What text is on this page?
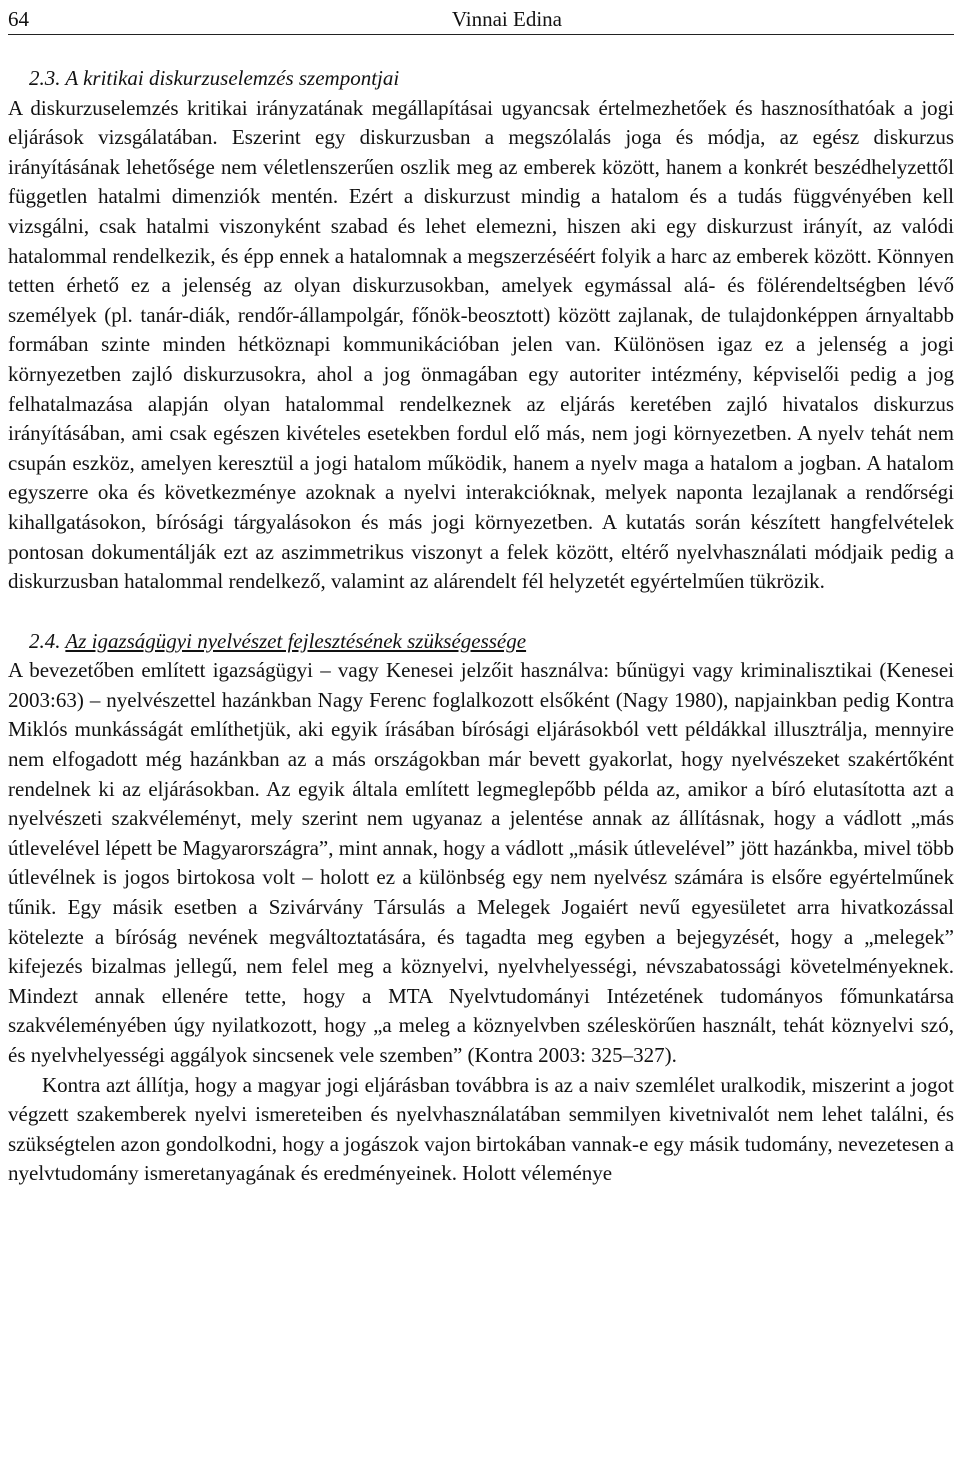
64	Vinnai Edina
2.3. A kritikai diskurzuselemzés szempontjai

A diskurzuselemzés kritikai irányzatának megállapításai ugyancsak értelmezhetőek és hasznosíthatóak a jogi eljárások vizsgálatában. Eszerint egy diskurzusban a megszólalás joga és módja, az egész diskurzus irányításának lehetősége nem véletlenszerűen oszlik meg az emberek között, hanem a konkrét beszédhelyzettől független hatalmi dimenziók mentén. Ezért a diskurzust mindig a hatalom és a tudás függvényében kell vizsgálni, csak hatalmi viszonyként szabad és lehet elemezni, hiszen aki egy diskurzust irányít, az valódi hatalommal rendelkezik, és épp ennek a hatalomnak a megszerzéséért folyik a harc az emberek között. Könnyen tetten érhető ez a jelenség az olyan diskurzusokban, amelyek egymással alá- és fölérendeltségben lévő személyek (pl. tanár-diák, rendőr-állampolgár, főnök-beosztott) között zajlanak, de tulajdonképpen árnyaltabb formában szinte minden hétköznapi kommunikációban jelen van. Különösen igaz ez a jelenség a jogi környezetben zajló diskurzusokra, ahol a jog önmagában egy autoriter intézmény, képviselői pedig a jog felhatalmazása alapján olyan hatalommal rendelkeznek az eljárás keretében zajló hivatalos diskurzus irányításában, ami csak egészen kivételes esetekben fordul elő más, nem jogi környezetben. A nyelv tehát nem csupán eszköz, amelyen keresztül a jogi hatalom működik, hanem a nyelv maga a hatalom a jogban. A hatalom egyszerre oka és következménye azoknak a nyelvi interakcióknak, melyek naponta lezajlanak a rendőrségi kihallgatásokon, bírósági tárgyalásokon és más jogi környezetben. A kutatás során készített hangfelvételek pontosan dokumentálják ezt az aszimmetrikus viszonyt a felek között, eltérő nyelvhasználati módjaik pedig a diskurzusban hatalommal rendelkező, valamint az alárendelt fél helyzetét egyértelműen tükrözik.

2.4. Az igazságügyi nyelvészet fejlesztésének szükségessége

A bevezetőben említett igazságügyi – vagy Kenesei jelzőit használva: bűnügyi vagy kriminalisztikai (Kenesei 2003:63) – nyelvészettel hazánkban Nagy Ferenc foglalkozott elsőként (Nagy 1980), napjainkban pedig Kontra Miklós munkásságát említhetjük, aki egyik írásában bírósági eljárásokból vett példákkal illusztrálja, mennyire nem elfogadott még hazánkban az a más országokban már bevett gyakorlat, hogy nyelvészeket szakértőként rendelnek ki az eljárásokban. Az egyik általa említett legmeglepőbb példa az, amikor a bíró elutasította azt a nyelvészeti szakvéleményt, mely szerint nem ugyanaz a jelentése annak az állításnak, hogy a vádlott „más útlevelével lépett be Magyarországra”, mint annak, hogy a vádlott „másik útlevelével” jött hazánkba, mivel több útlevélnek is jogos birtokosa volt – holott ez a különbség egy nem nyelvész számára is elsőre egyértelműnek tűnik. Egy másik esetben a Szivárvány Társulás a Melegek Jogaiért nevű egyesületet arra hivatkozással kötelezte a bíróság nevének megváltoztatására, és tagadta meg egyben a bejegyzését, hogy a „melegek” kifejezés bizalmas jellegű, nem felel meg a köznyelvi, nyelvhelyességi, névszabatossági követelményeknek. Mindezt annak ellenére tette, hogy a MTA Nyelvtudományi Intézetének tudományos főmunkatársa szakvéleményében úgy nyilatkozott, hogy „a meleg a köznyelvben széleskörűen használt, tehát köznyelvi szó, és nyelvhelyességi aggályok sincsenek vele szemben” (Kontra 2003: 325–327).

Kontra azt állítja, hogy a magyar jogi eljárásban továbbra is az a naiv szemlélet uralkodik, miszerint a jogot végzett szakemberek nyelvi ismereteiben és nyelvhasználatában semmilyen kivetnivalót nem lehet találni, és szükségtelen azon gondolkodni, hogy a jogászok vajon birtokában vannak-e egy másik tudomány, nevezetesen a nyelvtudomány ismeretanyagának és eredményeinek. Holott véleménye
